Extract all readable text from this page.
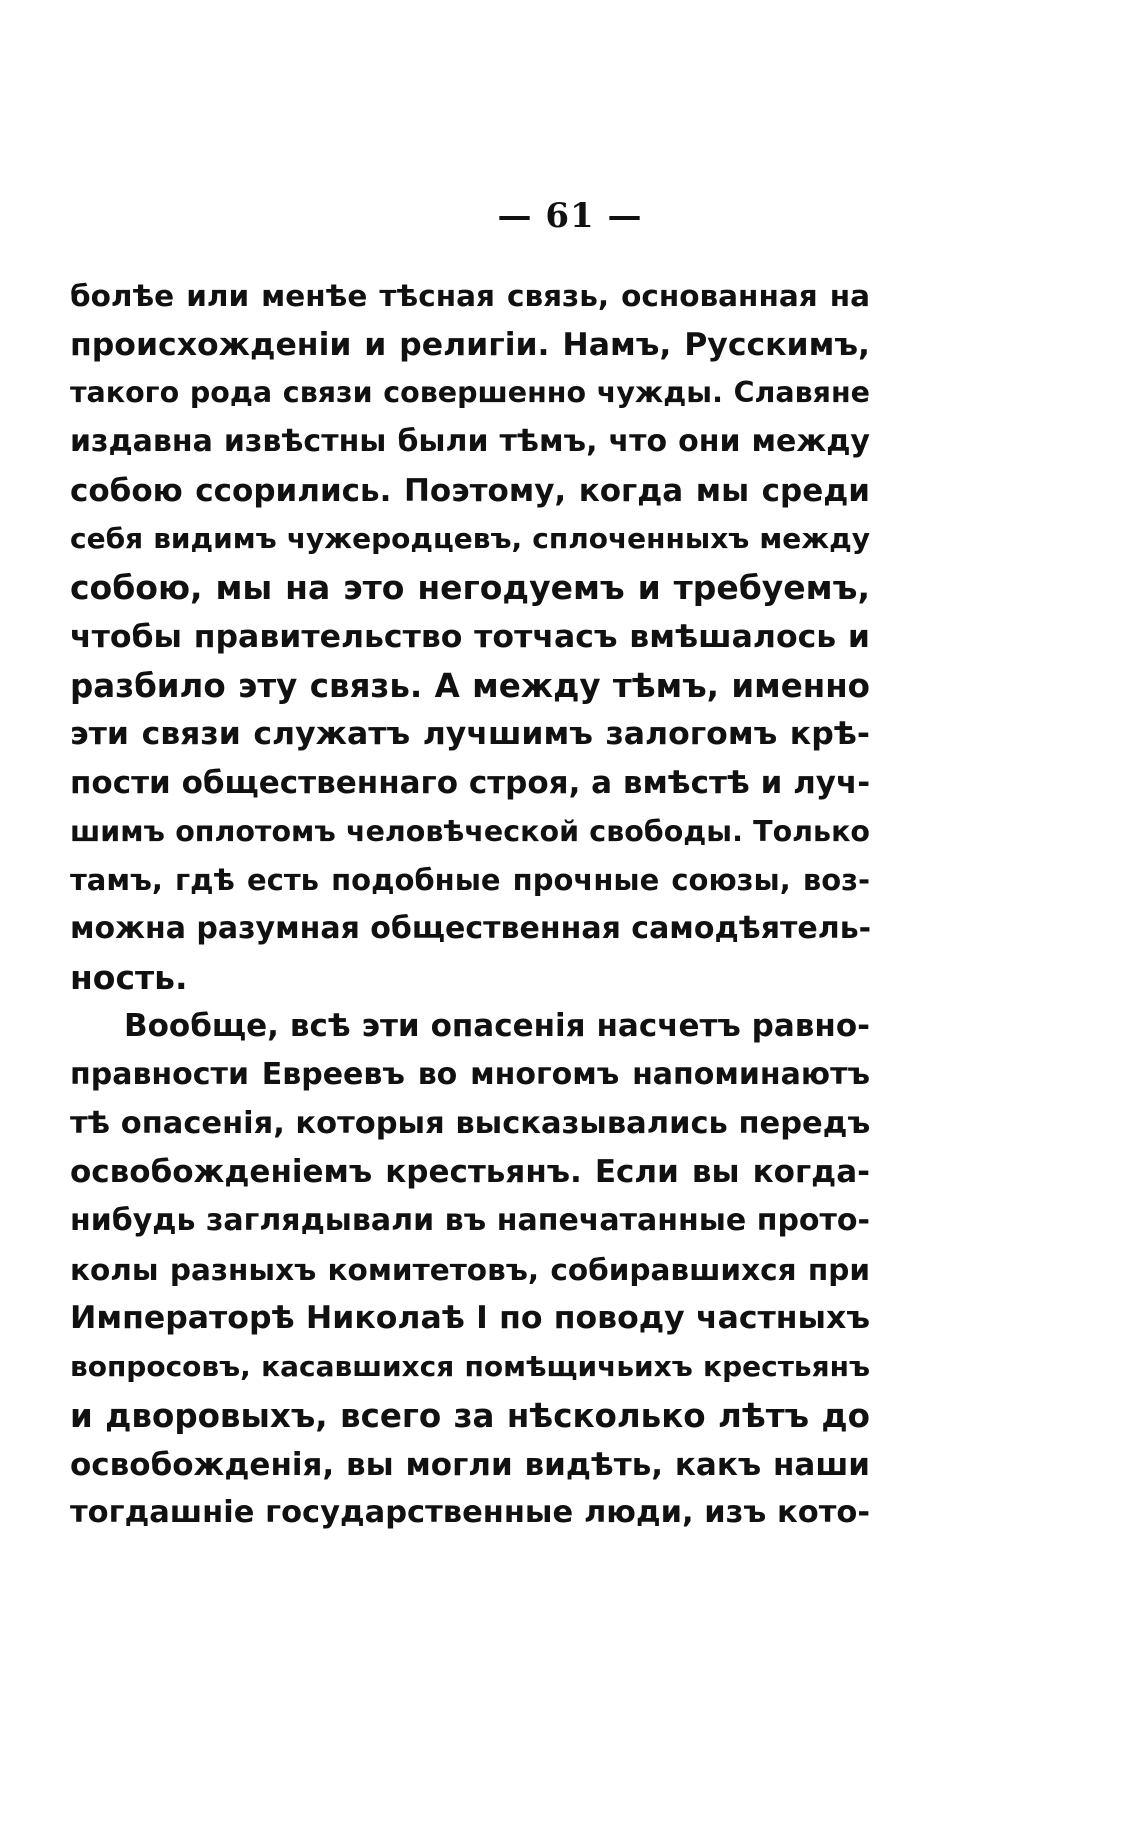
— 61 —

болѣе или менѣе тѣсная связь, основанная на
происхожденіи и религіи. Намъ, Русскимъ,
такого рода связи совершенно чужды. Славяне
издавна извѣстны были тѣмъ, что они между
собою ссорились. Поэтому, когда мы среди
себя видимъ чужеродцевъ, сплоченныхъ между
собою, мы на это негодуемъ и требуемъ,
чтобы правительство тотчасъ вмѣшалось и
разбило эту связь. А между тѣмъ, именно
эти связи служатъ лучшимъ залогомъ крѣ-
пости общественнаго строя, а вмѣстѣ и луч-
шимъ оплотомъ человѣческой свободы. Только
тамъ, гдѣ есть подобные прочные союзы, воз-
можна разумная общественная самодѣятель-
ность.
Вообще, всѣ эти опасенія насчетъ равно-
правности Евреевъ во многомъ напоминаютъ
тѣ опасенія, которыя высказывались передъ
освобожденіемъ крестьянъ. Если вы когда-
нибудь заглядывали въ напечатанные прото-
колы разныхъ комитетовъ, собиравшихся при
Императорѣ Николаѣ I по поводу частныхъ
вопросовъ, касавшихся помѣщичьихъ крестьянъ
и дворовыхъ, всего за нѣсколько лѣтъ до
освобожденія, вы могли видѣть, какъ наши
тогдашніе государственные люди, изъ кото-
